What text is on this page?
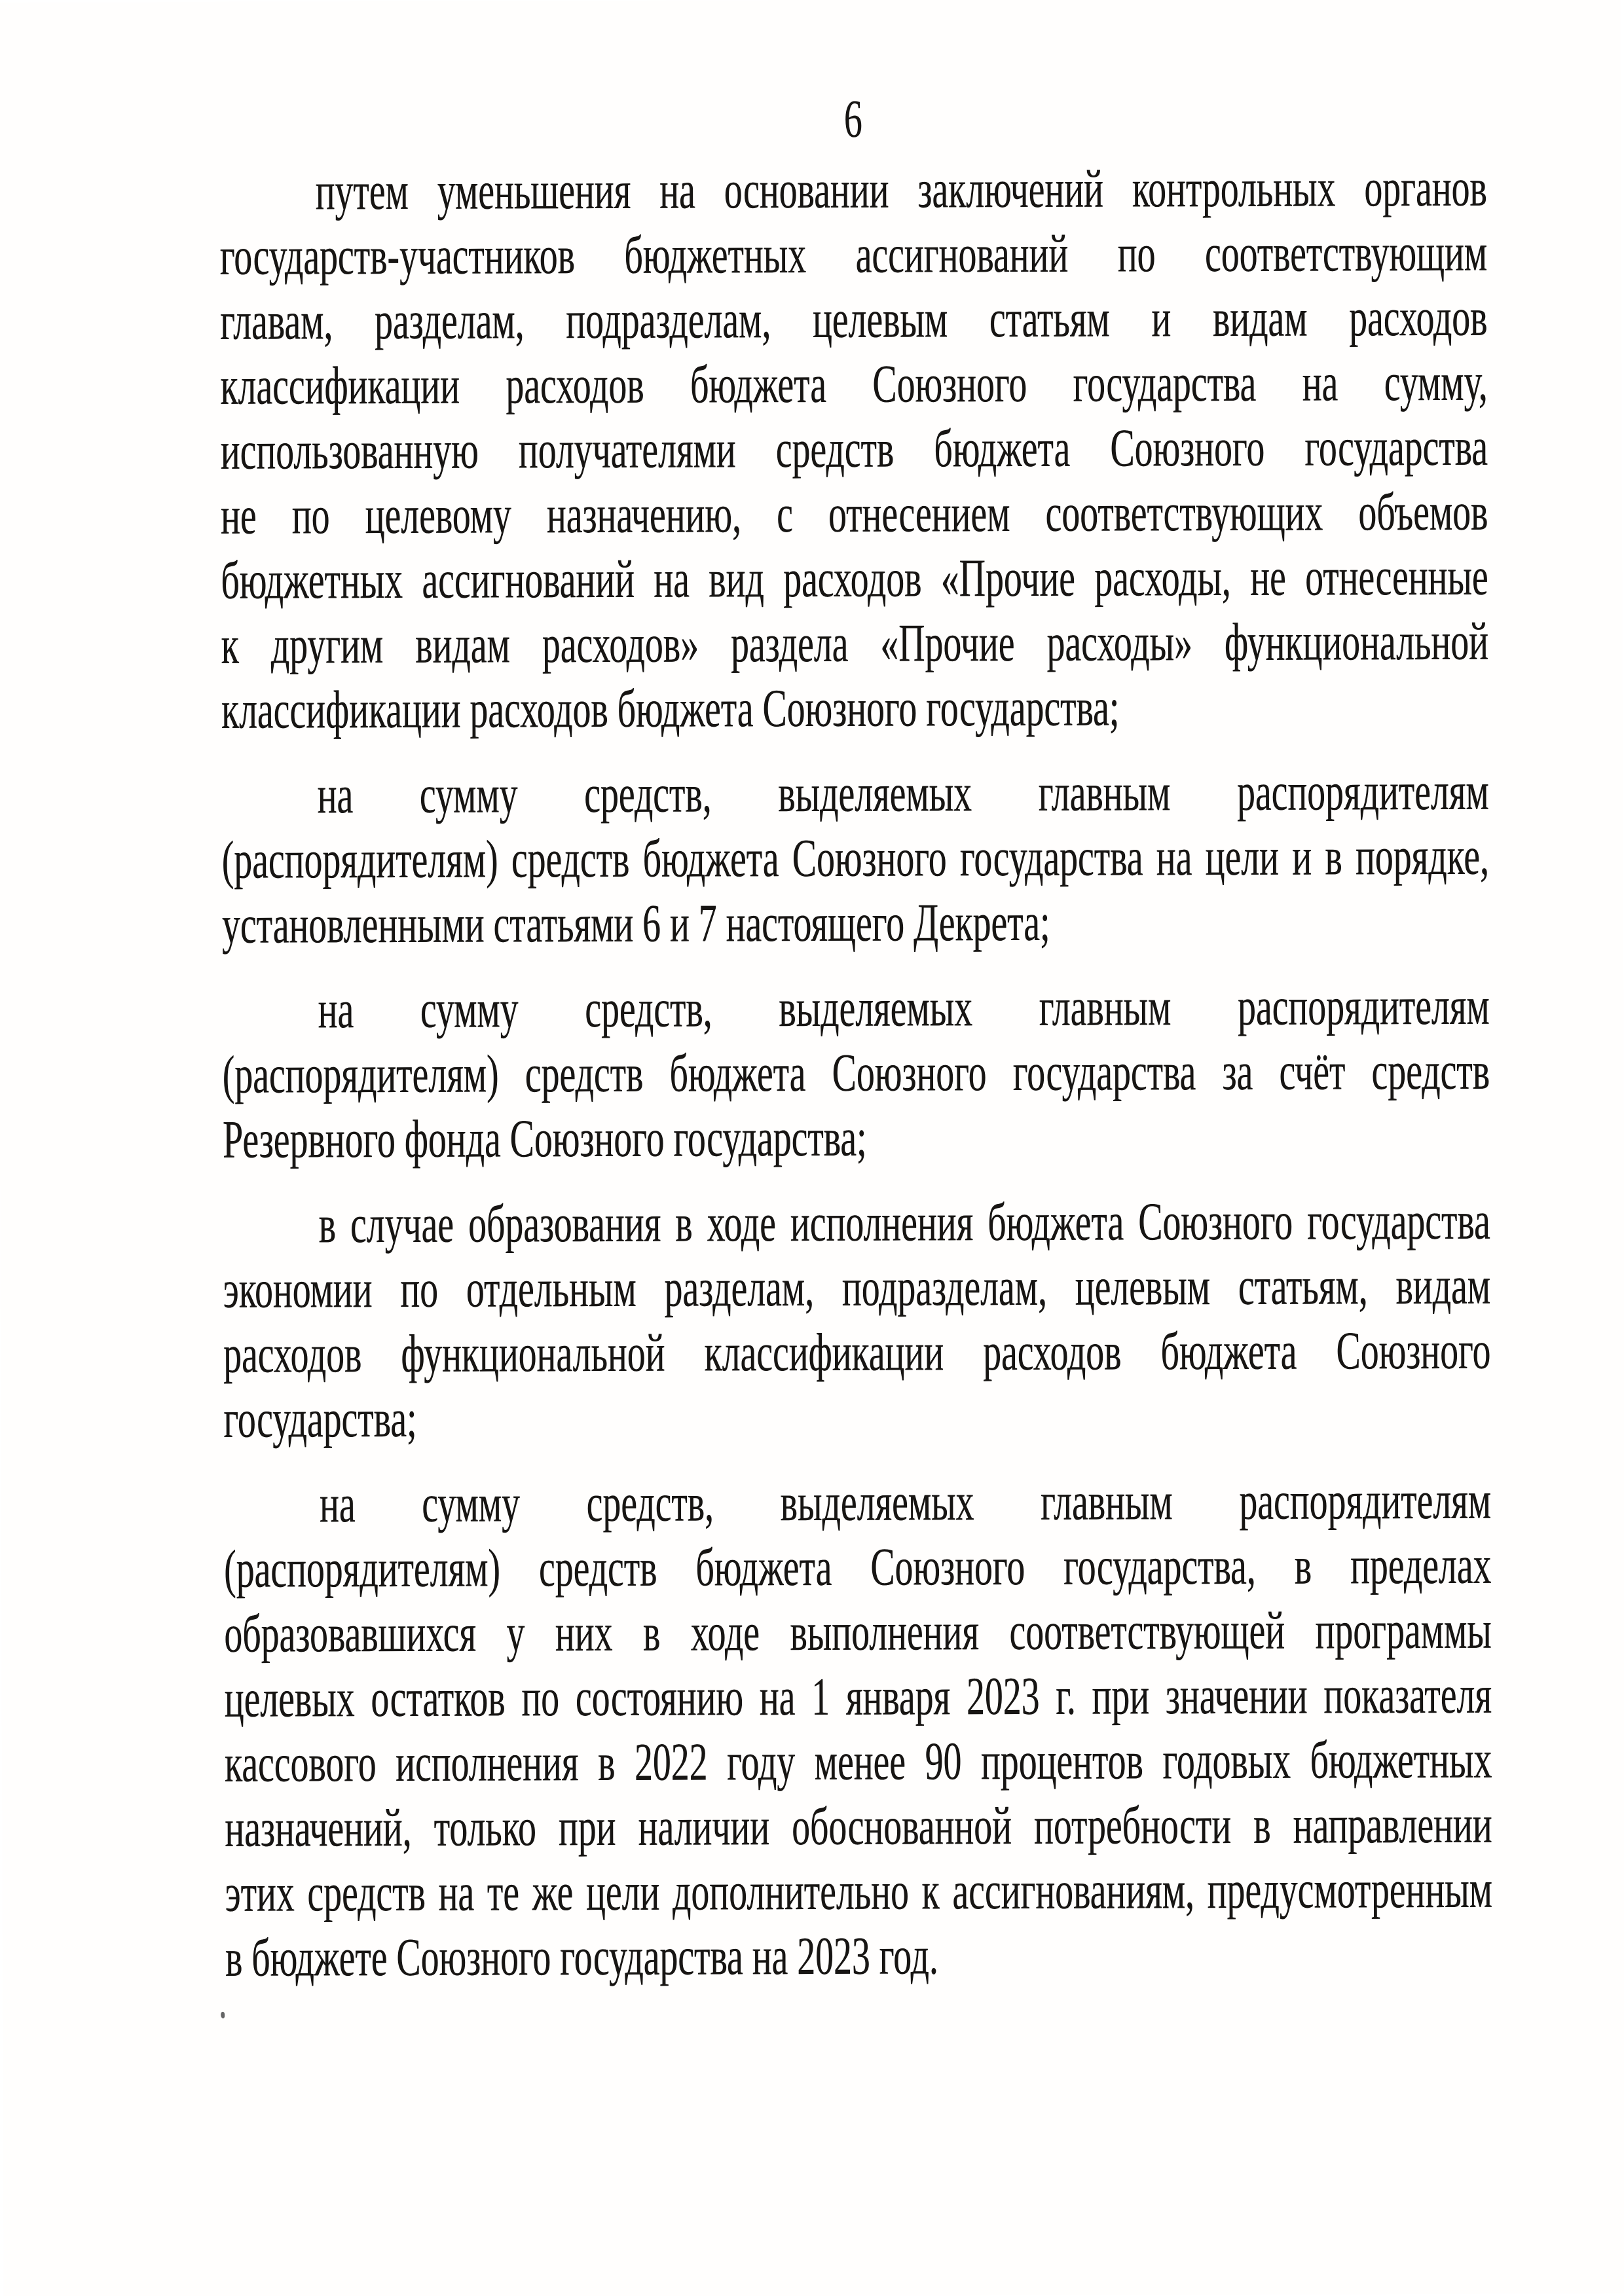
6
путем уменьшения на основании заключений контрольных органов
государств-участников бюджетных ассигнований по соответствующим
главам, разделам, подразделам, целевым статьям и видам расходов
классификации расходов бюджета Союзного государства на сумму,
использованную получателями средств бюджета Союзного государства
не по целевому назначению, с отнесением соответствующих объемов
бюджетных ассигнований на вид расходов «Прочие расходы, не отнесенные
к другим видам расходов» раздела «Прочие расходы» функциональной
классификации расходов бюджета Союзного государства;
на сумму средств, выделяемых главным распорядителям
(распорядителям) средств бюджета Союзного государства на цели и в порядке,
установленными статьями 6 и 7 настоящего Декрета;
на сумму средств, выделяемых главным распорядителям
(распорядителям) средств бюджета Союзного государства за счёт средств
Резервного фонда Союзного государства;
в случае образования в ходе исполнения бюджета Союзного государства
экономии по отдельным разделам, подразделам, целевым статьям, видам
расходов функциональной классификации расходов бюджета Союзного
государства;
на сумму средств, выделяемых главным распорядителям
(распорядителям) средств бюджета Союзного государства, в пределах
образовавшихся у них в ходе выполнения соответствующей программы
целевых остатков по состоянию на 1 января 2023 г. при значении показателя
кассового исполнения в 2022 году менее 90 процентов годовых бюджетных
назначений, только при наличии обоснованной потребности в направлении
этих средств на те же цели дополнительно к ассигнованиям, предусмотренным
в бюджете Союзного государства на 2023 год.
